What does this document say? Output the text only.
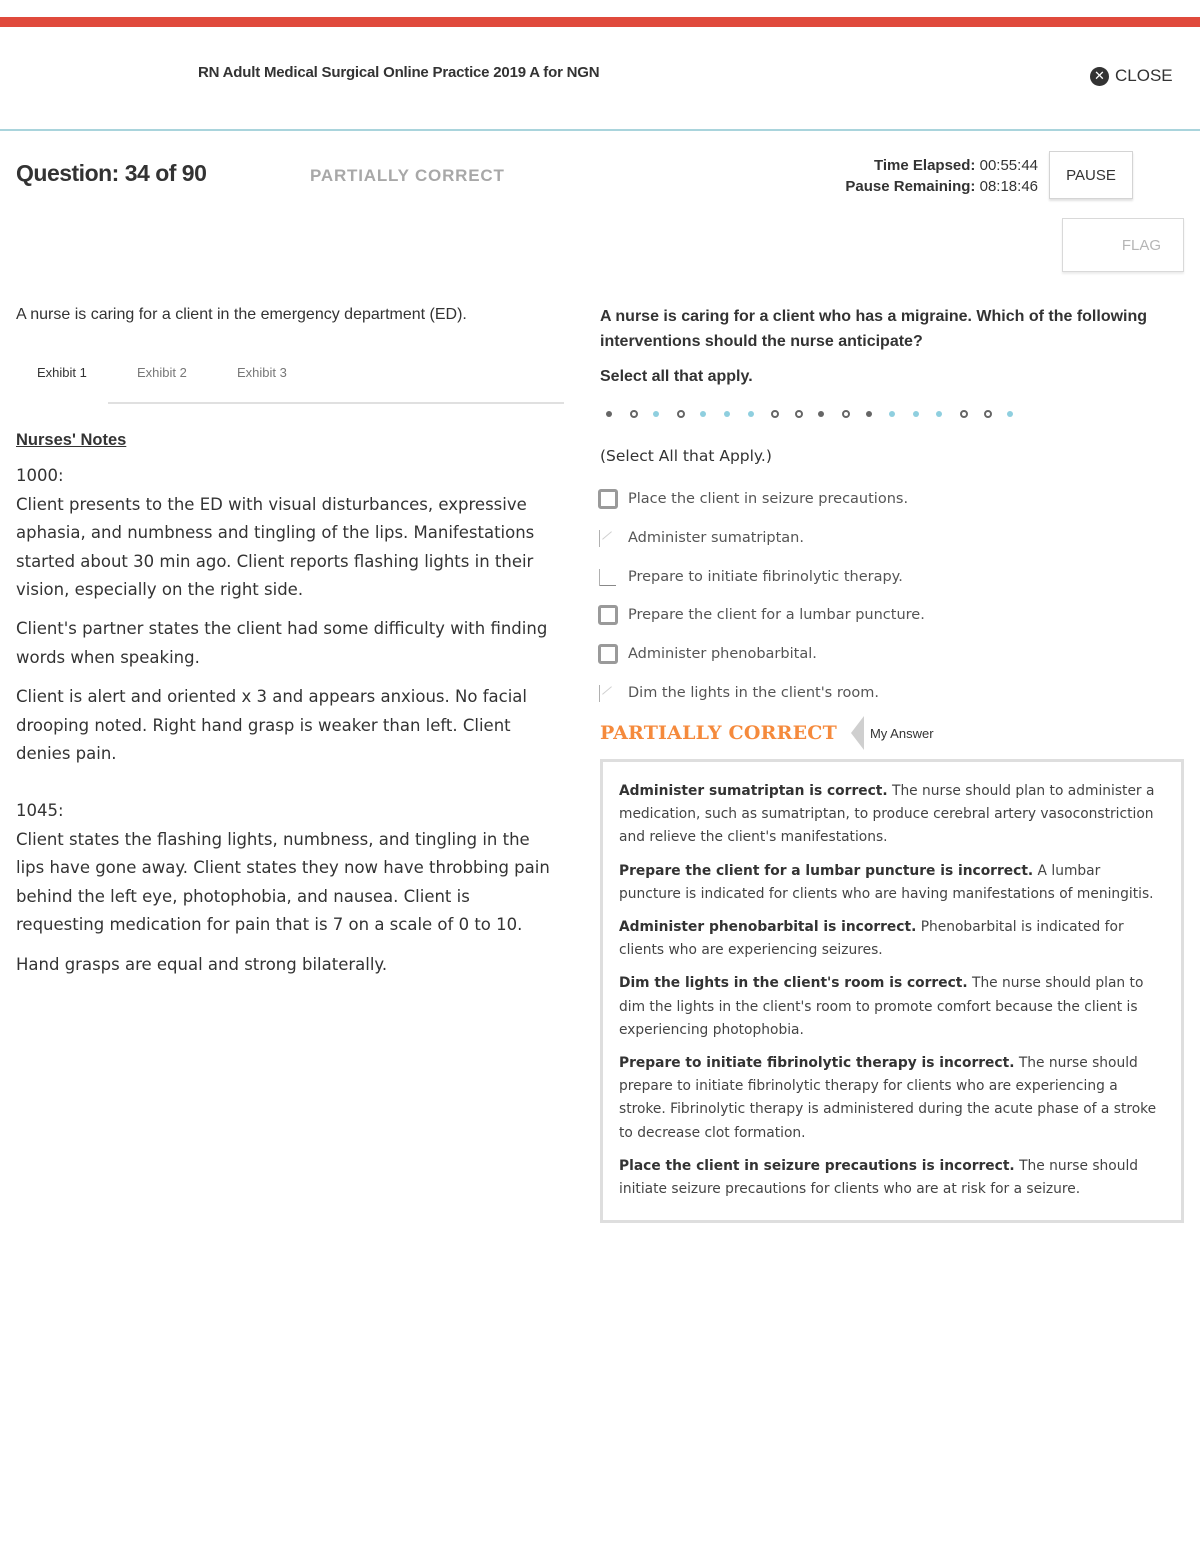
RN Adult Medical Surgical Online Practice 2019 A for NGN	✕ CLOSE
Question: 34 of 90	PARTIALLY CORRECT
Time Elapsed: 00:55:44
Pause Remaining: 08:18:46
PAUSE
FLAG
A nurse is caring for a client in the emergency department (ED).
Exhibit 1	Exhibit 2	Exhibit 3
Nurses' Notes

1000:

Client presents to the ED with visual disturbances, expressive aphasia, and numbness and tingling of the lips. Manifestations started about 30 min ago. Client reports flashing lights in their vision, especially on the right side.

Client's partner states the client had some difficulty with finding words when speaking.

Client is alert and oriented x 3 and appears anxious. No facial drooping noted. Right hand grasp is weaker than left. Client denies pain.

1045:

Client states the flashing lights, numbness, and tingling in the lips have gone away. Client states they now have throbbing pain behind the left eye, photophobia, and nausea. Client is requesting medication for pain that is 7 on a scale of 0 to 10.

Hand grasps are equal and strong bilaterally.

A nurse is caring for a client who has a migraine. Which of the following interventions should the nurse anticipate?
Select all that apply.
(Select All that Apply.)
Place the client in seizure precautions.
Administer sumatriptan.
Prepare to initiate fibrinolytic therapy.
Prepare the client for a lumbar puncture.
Administer phenobarbital.
Dim the lights in the client's room.
PARTIALLY CORRECT	My Answer

Administer sumatriptan is correct. The nurse should plan to administer a medication, such as sumatriptan, to produce cerebral artery vasoconstriction and relieve the client's manifestations.

Prepare the client for a lumbar puncture is incorrect. A lumbar puncture is indicated for clients who are having manifestations of meningitis.

Administer phenobarbital is incorrect. Phenobarbital is indicated for clients who are experiencing seizures.

Dim the lights in the client's room is correct. The nurse should plan to dim the lights in the client's room to promote comfort because the client is experiencing photophobia.

Prepare to initiate fibrinolytic therapy is incorrect. The nurse should prepare to initiate fibrinolytic therapy for clients who are experiencing a stroke. Fibrinolytic therapy is administered during the acute phase of a stroke to decrease clot formation.

Place the client in seizure precautions is incorrect. The nurse should initiate seizure precautions for clients who are at risk for a seizure.
